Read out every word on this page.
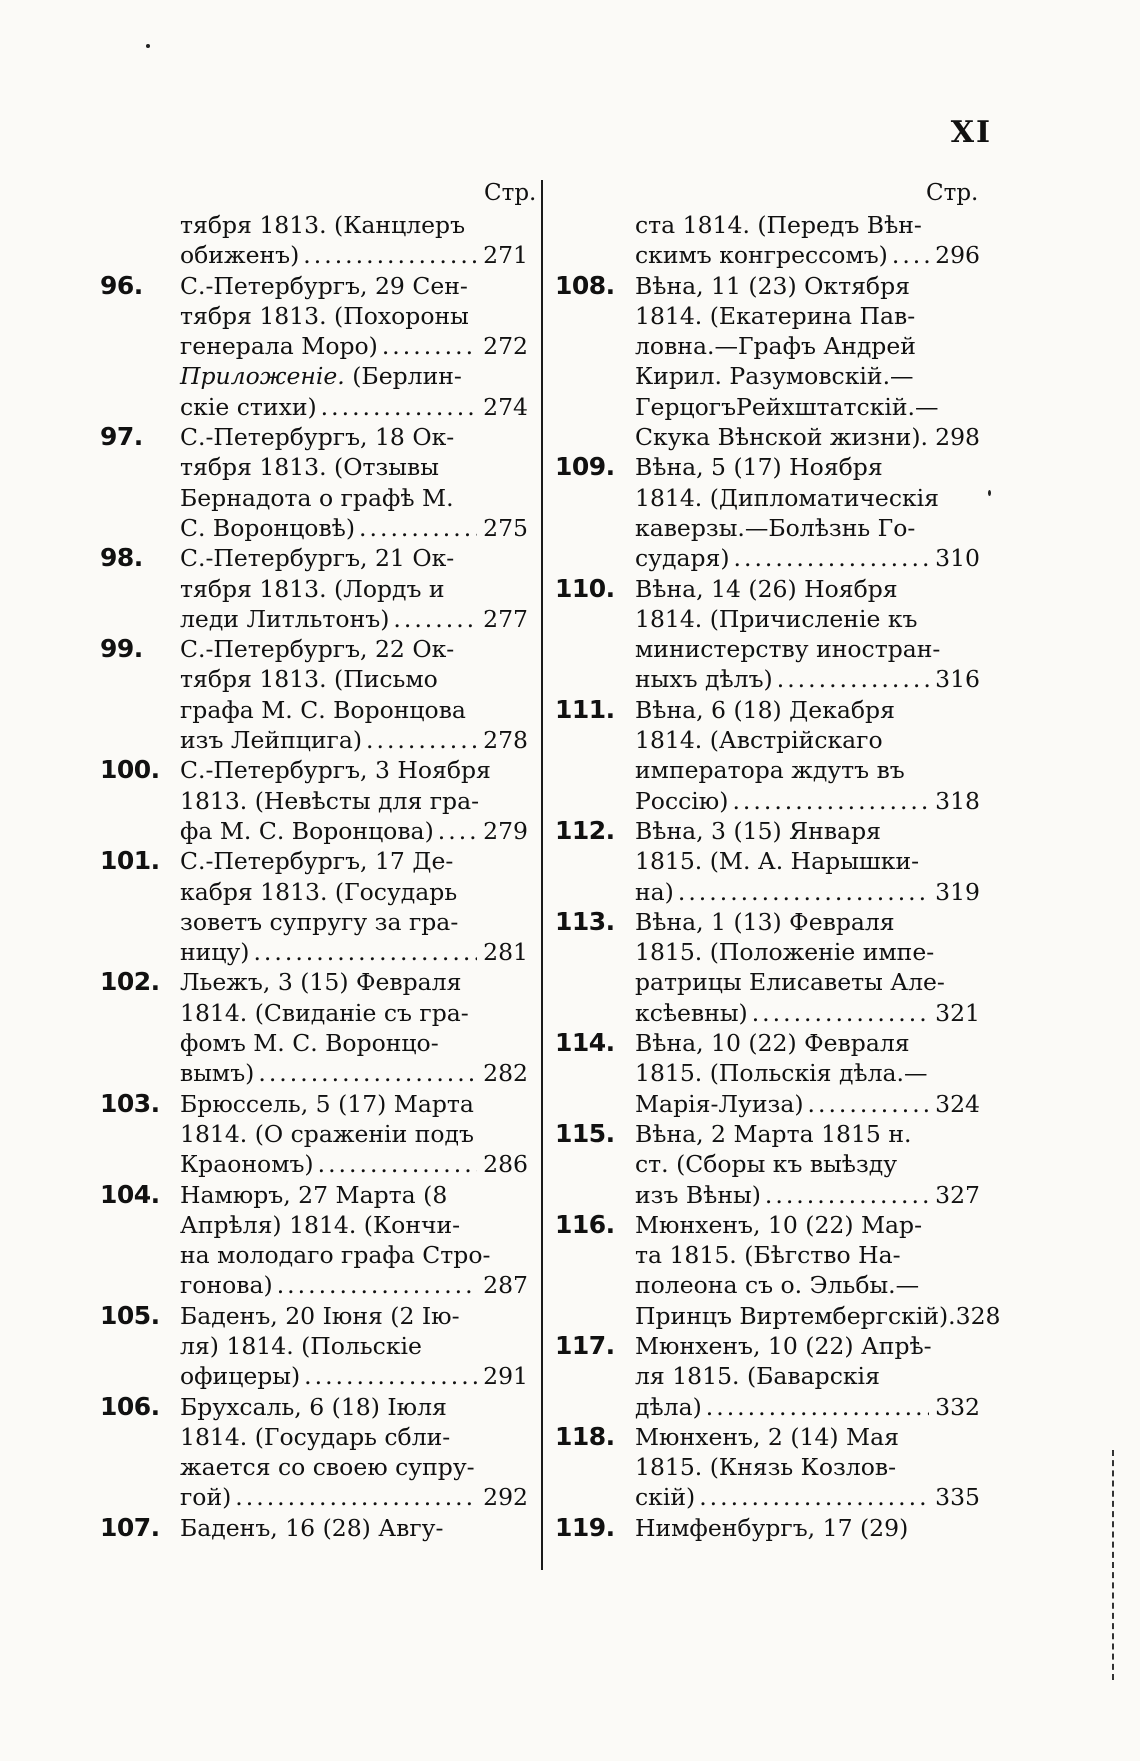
XI
Стр.	Стр.
тября 1813. (Канцлеръ
обиженъ) .....	271
96. С.-Петербургъ, 29 Сен-
тября 1813. (Похороны
генерала Моро) .....	272
Приложеніе. (Берлин-
скіе стихи) .....	274
97. С.-Петербургъ, 18 Ок-
тября 1813. (Отзывы
Бернадота о графѣ М.
С. Воронцовѣ) .....	275
98. С.-Петербургъ, 21 Ок-
тября 1813. (Лордъ и
леди Литльтонъ) .....	277
99. С.-Петербургъ, 22 Ок-
тября 1813. (Письмо
графа М. С. Воронцова
изъ Лейпцига) .....	278
100. С.-Петербургъ, 3 Ноября
1813. (Невѣсты для гра-
фа М. С. Воронцова) ..... 279
101. С.-Петербургъ, 17 Де-
кабря 1813. (Государь
зоветъ супругу за гра-
ницу) .....	281
102. Льежъ, 3 (15) Февраля
1814. (Свиданіе съ гра-
фомъ М. С. Воронцо-
вымъ) .....	282
103. Брюссель, 5 (17) Марта
1814. (О сраженіи подъ
Краономъ) .....	286
104. Намюръ, 27 Марта (8
Апрѣля) 1814. (Кончи-
на молодаго графа Стро-
гонова) .....	287
105. Баденъ, 20 Іюня (2 Ію-
ля) 1814. (Польскіе
офицеры) .....	291
106. Брухсаль, 6 (18) Іюля
1814. (Государь сбли-
жается со своею супру-
гой) .....	292
107. Баденъ, 16 (28) Авгу-
ста 1814. (Передъ Вѣн-
скимъ конгрессомъ) ..... 296
108. Вѣна, 11 (23) Октября
1814. (Екатерина Пав-
ловна.—Графъ Андрей
Кирил. Разумовскій.—
ГерцогъРейхштатскій.—
Скука Вѣнской жизни). 298
109. Вѣна, 5 (17) Ноября
1814. (Дипломатическія
каверзы.—Болѣзнь Го-
сударя) .....	310
110. Вѣна, 14 (26) Ноября
1814. (Причисленіе къ
министерству иностран-
ныхъ дѣлъ) .....	316
111. Вѣна, 6 (18) Декабря
1814. (Австрійскаго
императора ждутъ въ
Россію) .....	318
112. Вѣна, 3 (15) Января
1815. (М. А. Нарышки-
на) .....	319
113. Вѣна, 1 (13) Февраля
1815. (Положеніе импе-
ратрицы Елисаветы Але-
ксѣевны) .....	321
114. Вѣна, 10 (22) Февраля
1815. (Польскія дѣла.—
Марія-Луиза) .....	324
115. Вѣна, 2 Марта 1815 н.
ст. (Сборы къ выѣзду
изъ Вѣны) .....	327
116. Мюнхенъ, 10 (22) Мар-
та 1815. (Бѣгство На-
полеона съ о. Эльбы.—
Принцъ Виртембергскій). 328
117. Мюнхенъ, 10 (22) Апрѣ-
ля 1815. (Баварскія
дѣла) .....	332
118. Мюнхенъ, 2 (14) Мая
1815. (Князь Козлов-
скій) .....	335
119. Нимфенбургъ, 17 (29)
